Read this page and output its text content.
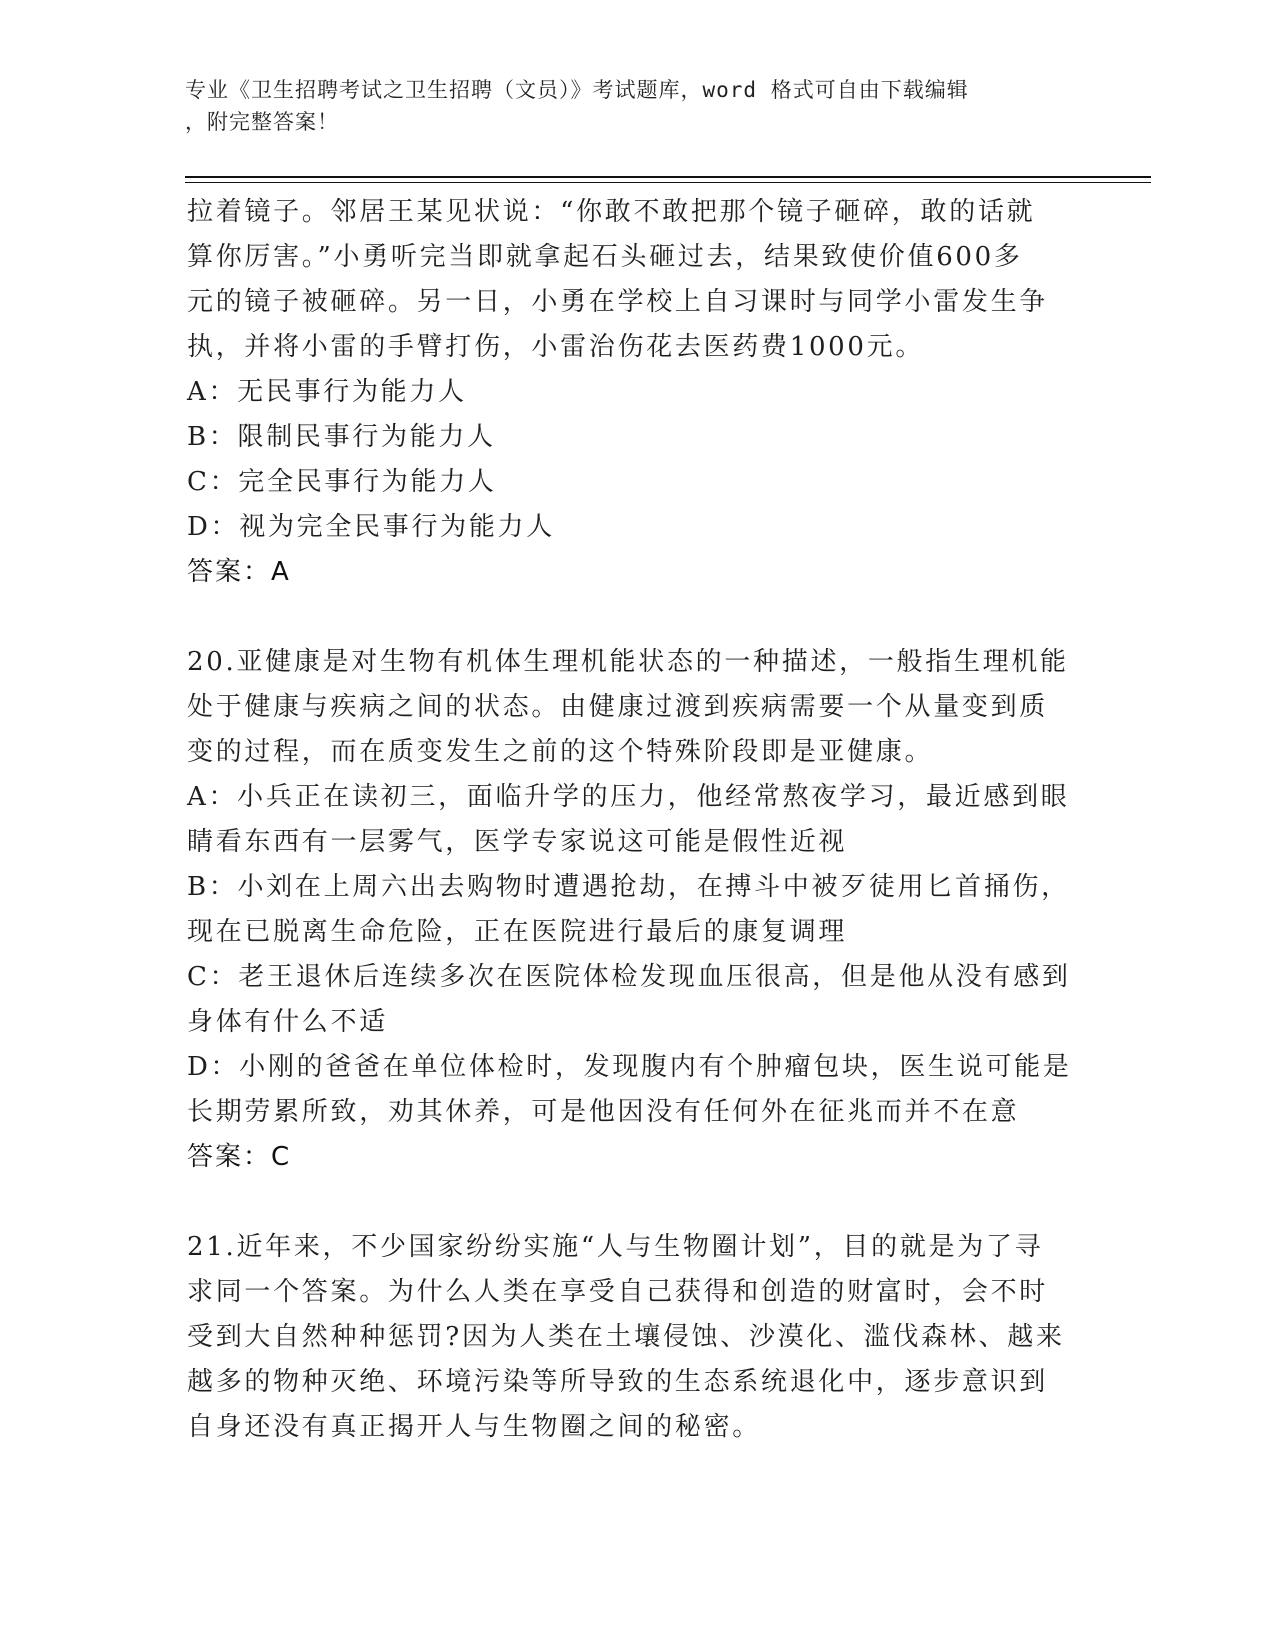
专业《卫生招聘考试之卫生招聘（文员）》考试题库，word 格式可自由下载编辑
，附完整答案！
拉着镜子。邻居王某见状说：“你敢不敢把那个镜子砸碎，敢的话就
算你厉害。”小勇听完当即就拿起石头砸过去，结果致使价值600多
元的镜子被砸碎。另一日，小勇在学校上自习课时与同学小雷发生争
执，并将小雷的手臂打伤，小雷治伤花去医药费1000元。
A：无民事行为能力人
B：限制民事行为能力人
C：完全民事行为能力人
D：视为完全民事行为能力人
答案：A
20.亚健康是对生物有机体生理机能状态的一种描述，一般指生理机能
处于健康与疾病之间的状态。由健康过渡到疾病需要一个从量变到质
变的过程，而在质变发生之前的这个特殊阶段即是亚健康。
A：小兵正在读初三，面临升学的压力，他经常熬夜学习，最近感到眼
睛看东西有一层雾气，医学专家说这可能是假性近视
B：小刘在上周六出去购物时遭遇抢劫，在搏斗中被歹徒用匕首捅伤，
现在已脱离生命危险，正在医院进行最后的康复调理
C：老王退休后连续多次在医院体检发现血压很高，但是他从没有感到
身体有什么不适
D：小刚的爸爸在单位体检时，发现腹内有个肿瘤包块，医生说可能是
长期劳累所致，劝其休养，可是他因没有任何外在征兆而并不在意
答案：C
21.近年来，不少国家纷纷实施“人与生物圈计划”，目的就是为了寻
求同一个答案。为什么人类在享受自己获得和创造的财富时，会不时
受到大自然种种惩罚?因为人类在土壤侵蚀、沙漠化、滥伐森林、越来
越多的物种灭绝、环境污染等所导致的生态系统退化中，逐步意识到
自身还没有真正揭开人与生物圈之间的秘密。
